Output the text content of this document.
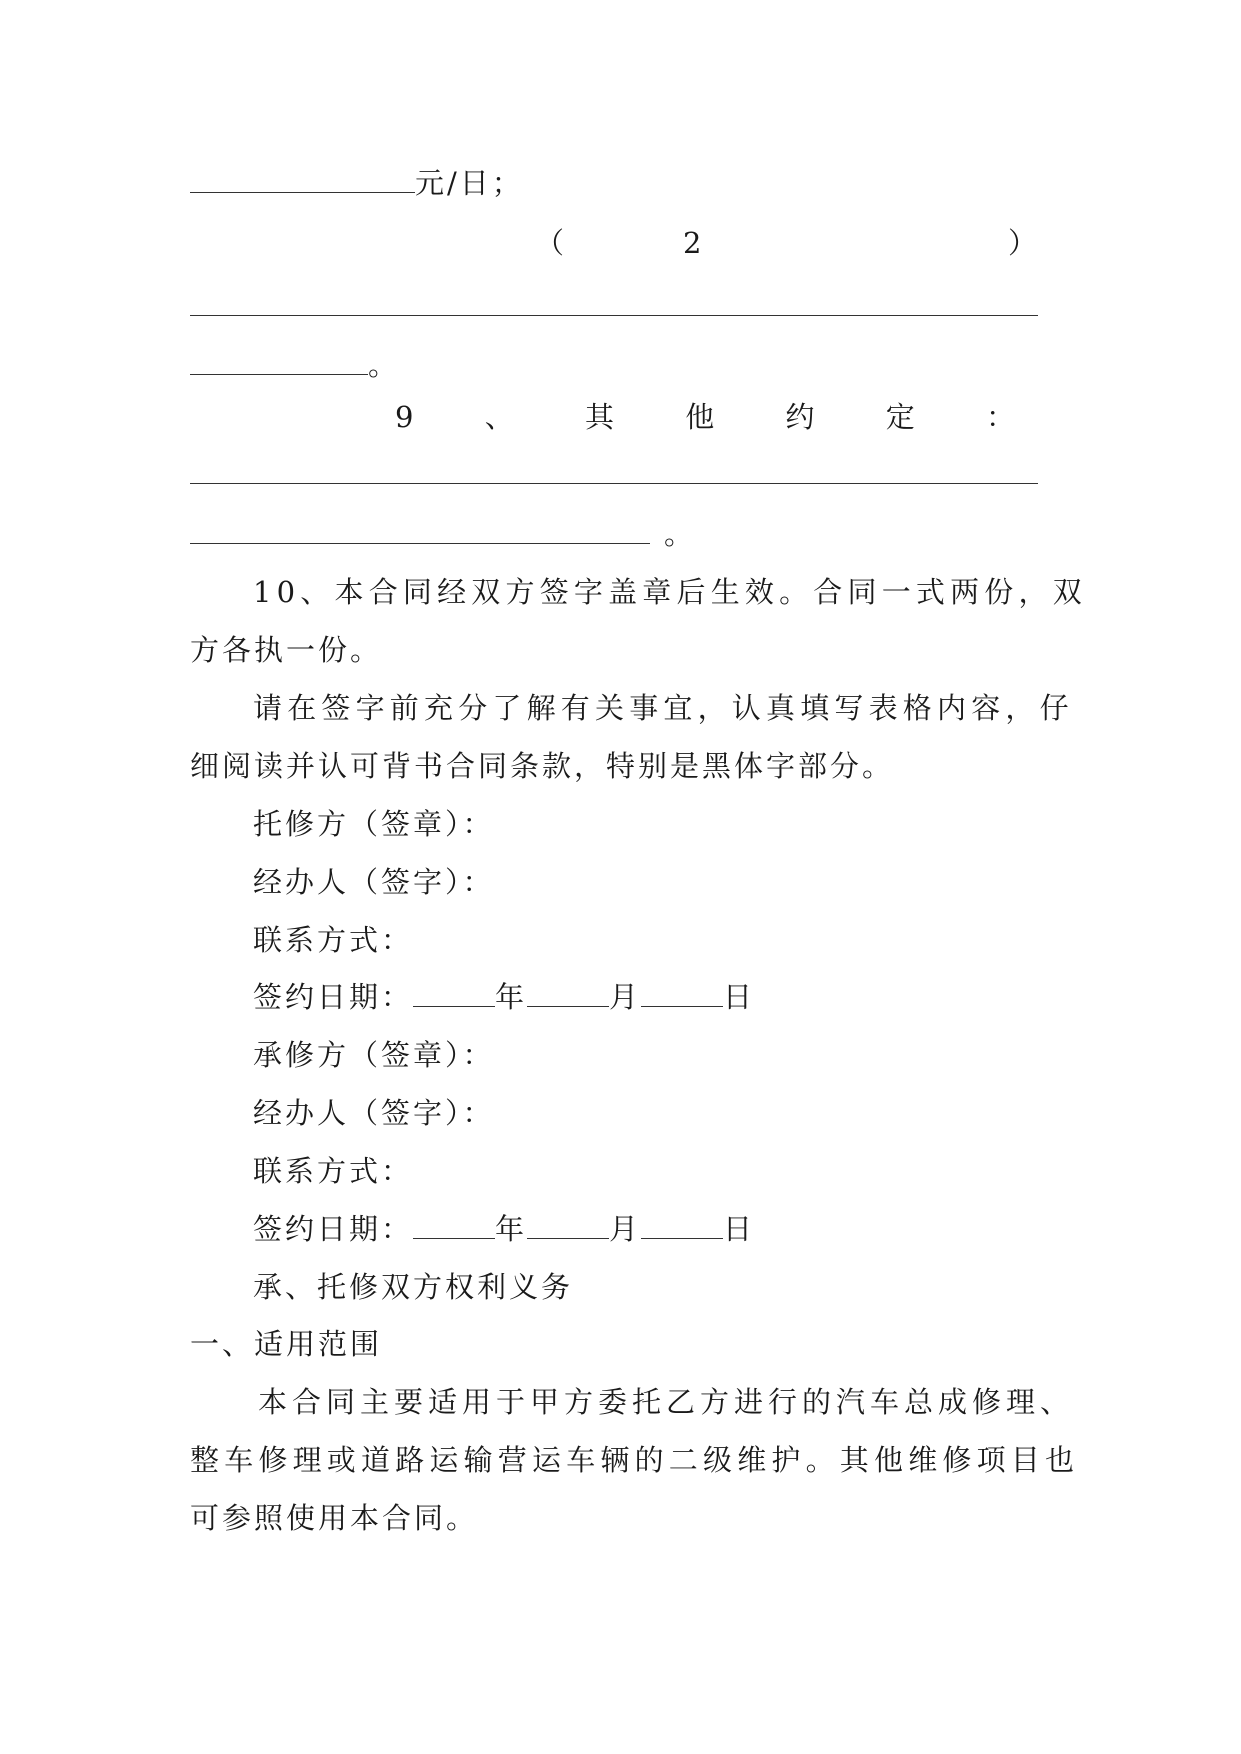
元/日；
（	2	）
。
9 、 其 他 约 定 ：
。
10、本合同经双方签字盖章后生效。合同一式两份，双
方各执一份。
请在签字前充分了解有关事宜，认真填写表格内容，仔
细阅读并认可背书合同条款，特别是黑体字部分。
托修方（签章）：
经办人（签字）：
联系方式：
签约日期：	年	月	日
承修方（签章）：
经办人（签字）：
联系方式：
签约日期：	年	月	日
承、托修双方权利义务
一、适用范围
本合同主要适用于甲方委托乙方进行的汽车总成修理、
整车修理或道路运输营运车辆的二级维护。其他维修项目也
可参照使用本合同。
